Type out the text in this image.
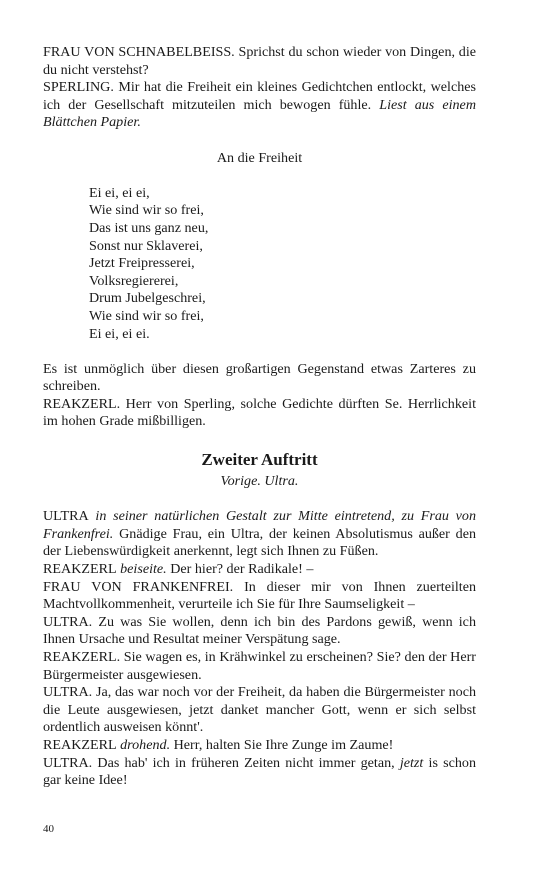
FRAU VON SCHNABELBEISS. Sprichst du schon wieder von Dingen, die du nicht verstehst?

SPERLING. Mir hat die Freiheit ein kleines Gedichtchen entlockt, welches ich der Gesellschaft mitzuteilen mich bewogen fühle. Liest aus einem Blättchen Papier.

An die Freiheit

Ei ei, ei ei,
Wie sind wir so frei,
Das ist uns ganz neu,
Sonst nur Sklaverei,
Jetzt Freipresserei,
Volksregiererei,
Drum Jubelgeschrei,
Wie sind wir so frei,
Ei ei, ei ei.

Es ist unmöglich über diesen großartigen Gegenstand etwas Zarteres zu schreiben.

REAKZERL. Herr von Sperling, solche Gedichte dürften Se. Herrlichkeit im hohen Grade mißbilligen.

Zweiter Auftritt

Vorige. Ultra.

ULTRA in seiner natürlichen Gestalt zur Mitte eintretend, zu Frau von Frankenfrei. Gnädige Frau, ein Ultra, der keinen Absolutismus außer den der Liebenswürdigkeit anerkennt, legt sich Ihnen zu Füßen.

REAKZERL beiseite. Der hier? der Radikale! –

FRAU VON FRANKENFREI. In dieser mir von Ihnen zuerteilten Machtvollkommenheit, verurteile ich Sie für Ihre Saumseligkeit –

ULTRA. Zu was Sie wollen, denn ich bin des Pardons gewiß, wenn ich Ihnen Ursache und Resultat meiner Verspätung sage.

REAKZERL. Sie wagen es, in Krähwinkel zu erscheinen? Sie? den der Herr Bürgermeister ausgewiesen.

ULTRA. Ja, das war noch vor der Freiheit, da haben die Bürgermeister noch die Leute ausgewiesen, jetzt danket mancher Gott, wenn er sich selbst ordentlich ausweisen könnt'.

REAKZERL drohend. Herr, halten Sie Ihre Zunge im Zaume!

ULTRA. Das hab' ich in früheren Zeiten nicht immer getan, jetzt is schon gar keine Idee!

40
